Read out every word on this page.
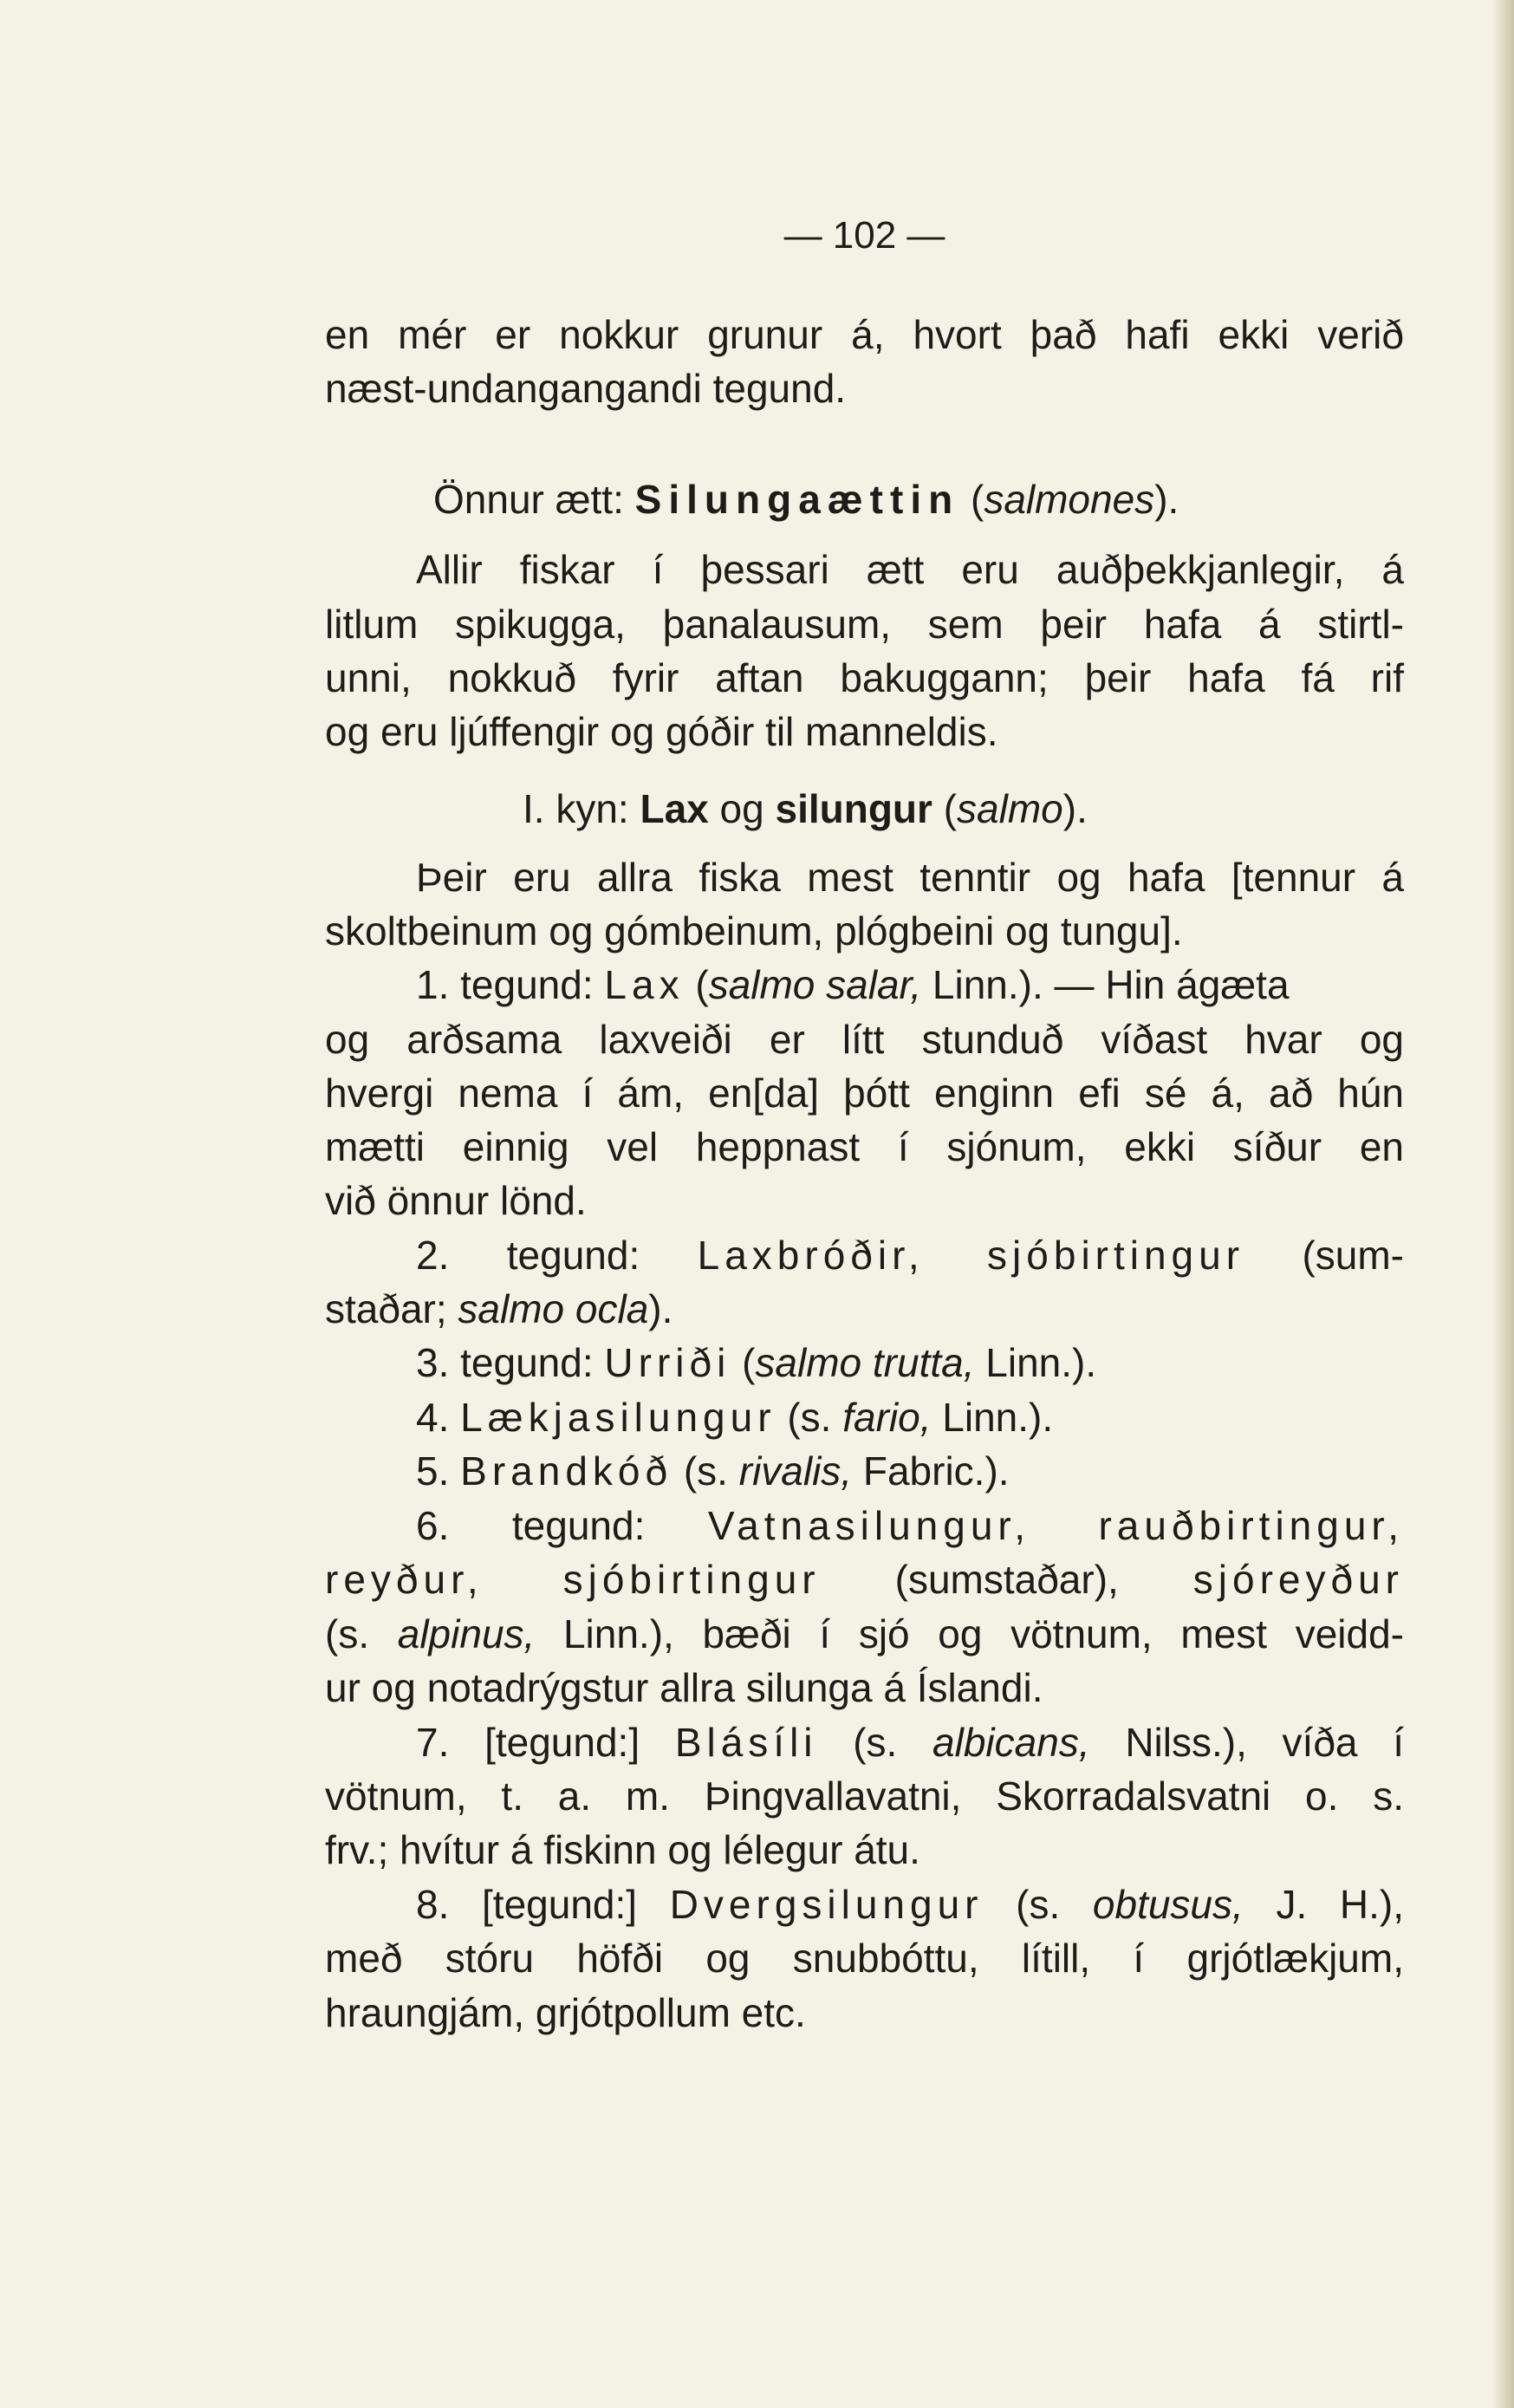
— 102 —
en mér er nokkur grunur á, hvort það hafi ekki verið
næst-undangangandi tegund.
Önnur ætt: Silungaættin (salmones).
Allir fiskar í þessari ætt eru auðþekkjanlegir, á
litlum spikugga, þanalausum, sem þeir hafa á stirtl-
unni, nokkuð fyrir aftan bakuggann; þeir hafa fá rif
og eru ljúffengir og góðir til manneldis.
I. kyn: Lax og silungur (salmo).
Þeir eru allra fiska mest tenntir og hafa [tennur á
skoltbeinum og gómbeinum, plógbeini og tungu].
1. tegund: Lax (salmo salar, Linn.). — Hin ágæta
og arðsama laxveiði er lítt stunduð víðast hvar og
hvergi nema í ám, en[da] þótt enginn efi sé á, að hún
mætti einnig vel heppnast í sjónum, ekki síður en
við önnur lönd.
2. tegund: Laxbróðir, sjóbirtingur (sum-
staðar; salmo ocla).
3. tegund: Urriði (salmo trutta, Linn.).
4. Lækjasilungur (s. fario, Linn.).
5. Brandkóð (s. rivalis, Fabric.).
6. tegund: Vatnasilungur, rauðbirtingur,
reyður, sjóbirtingur (sumstaðar), sjóreyður
(s. alpinus, Linn.), bæði í sjó og vötnum, mest veidd-
ur og notadrýgstur allra silunga á Íslandi.
7. [tegund:] Blásíli (s. albicans, Nilss.), víða í
vötnum, t. a. m. Þingvallavatni, Skorradalsvatni o. s.
frv.; hvítur á fiskinn og lélegur átu.
8. [tegund:] Dvergsilungur (s. obtusus, J. H.),
með stóru höfði og snubbóttu, lítill, í grjótlækjum,
hraungjám, grjótpollum etc.
